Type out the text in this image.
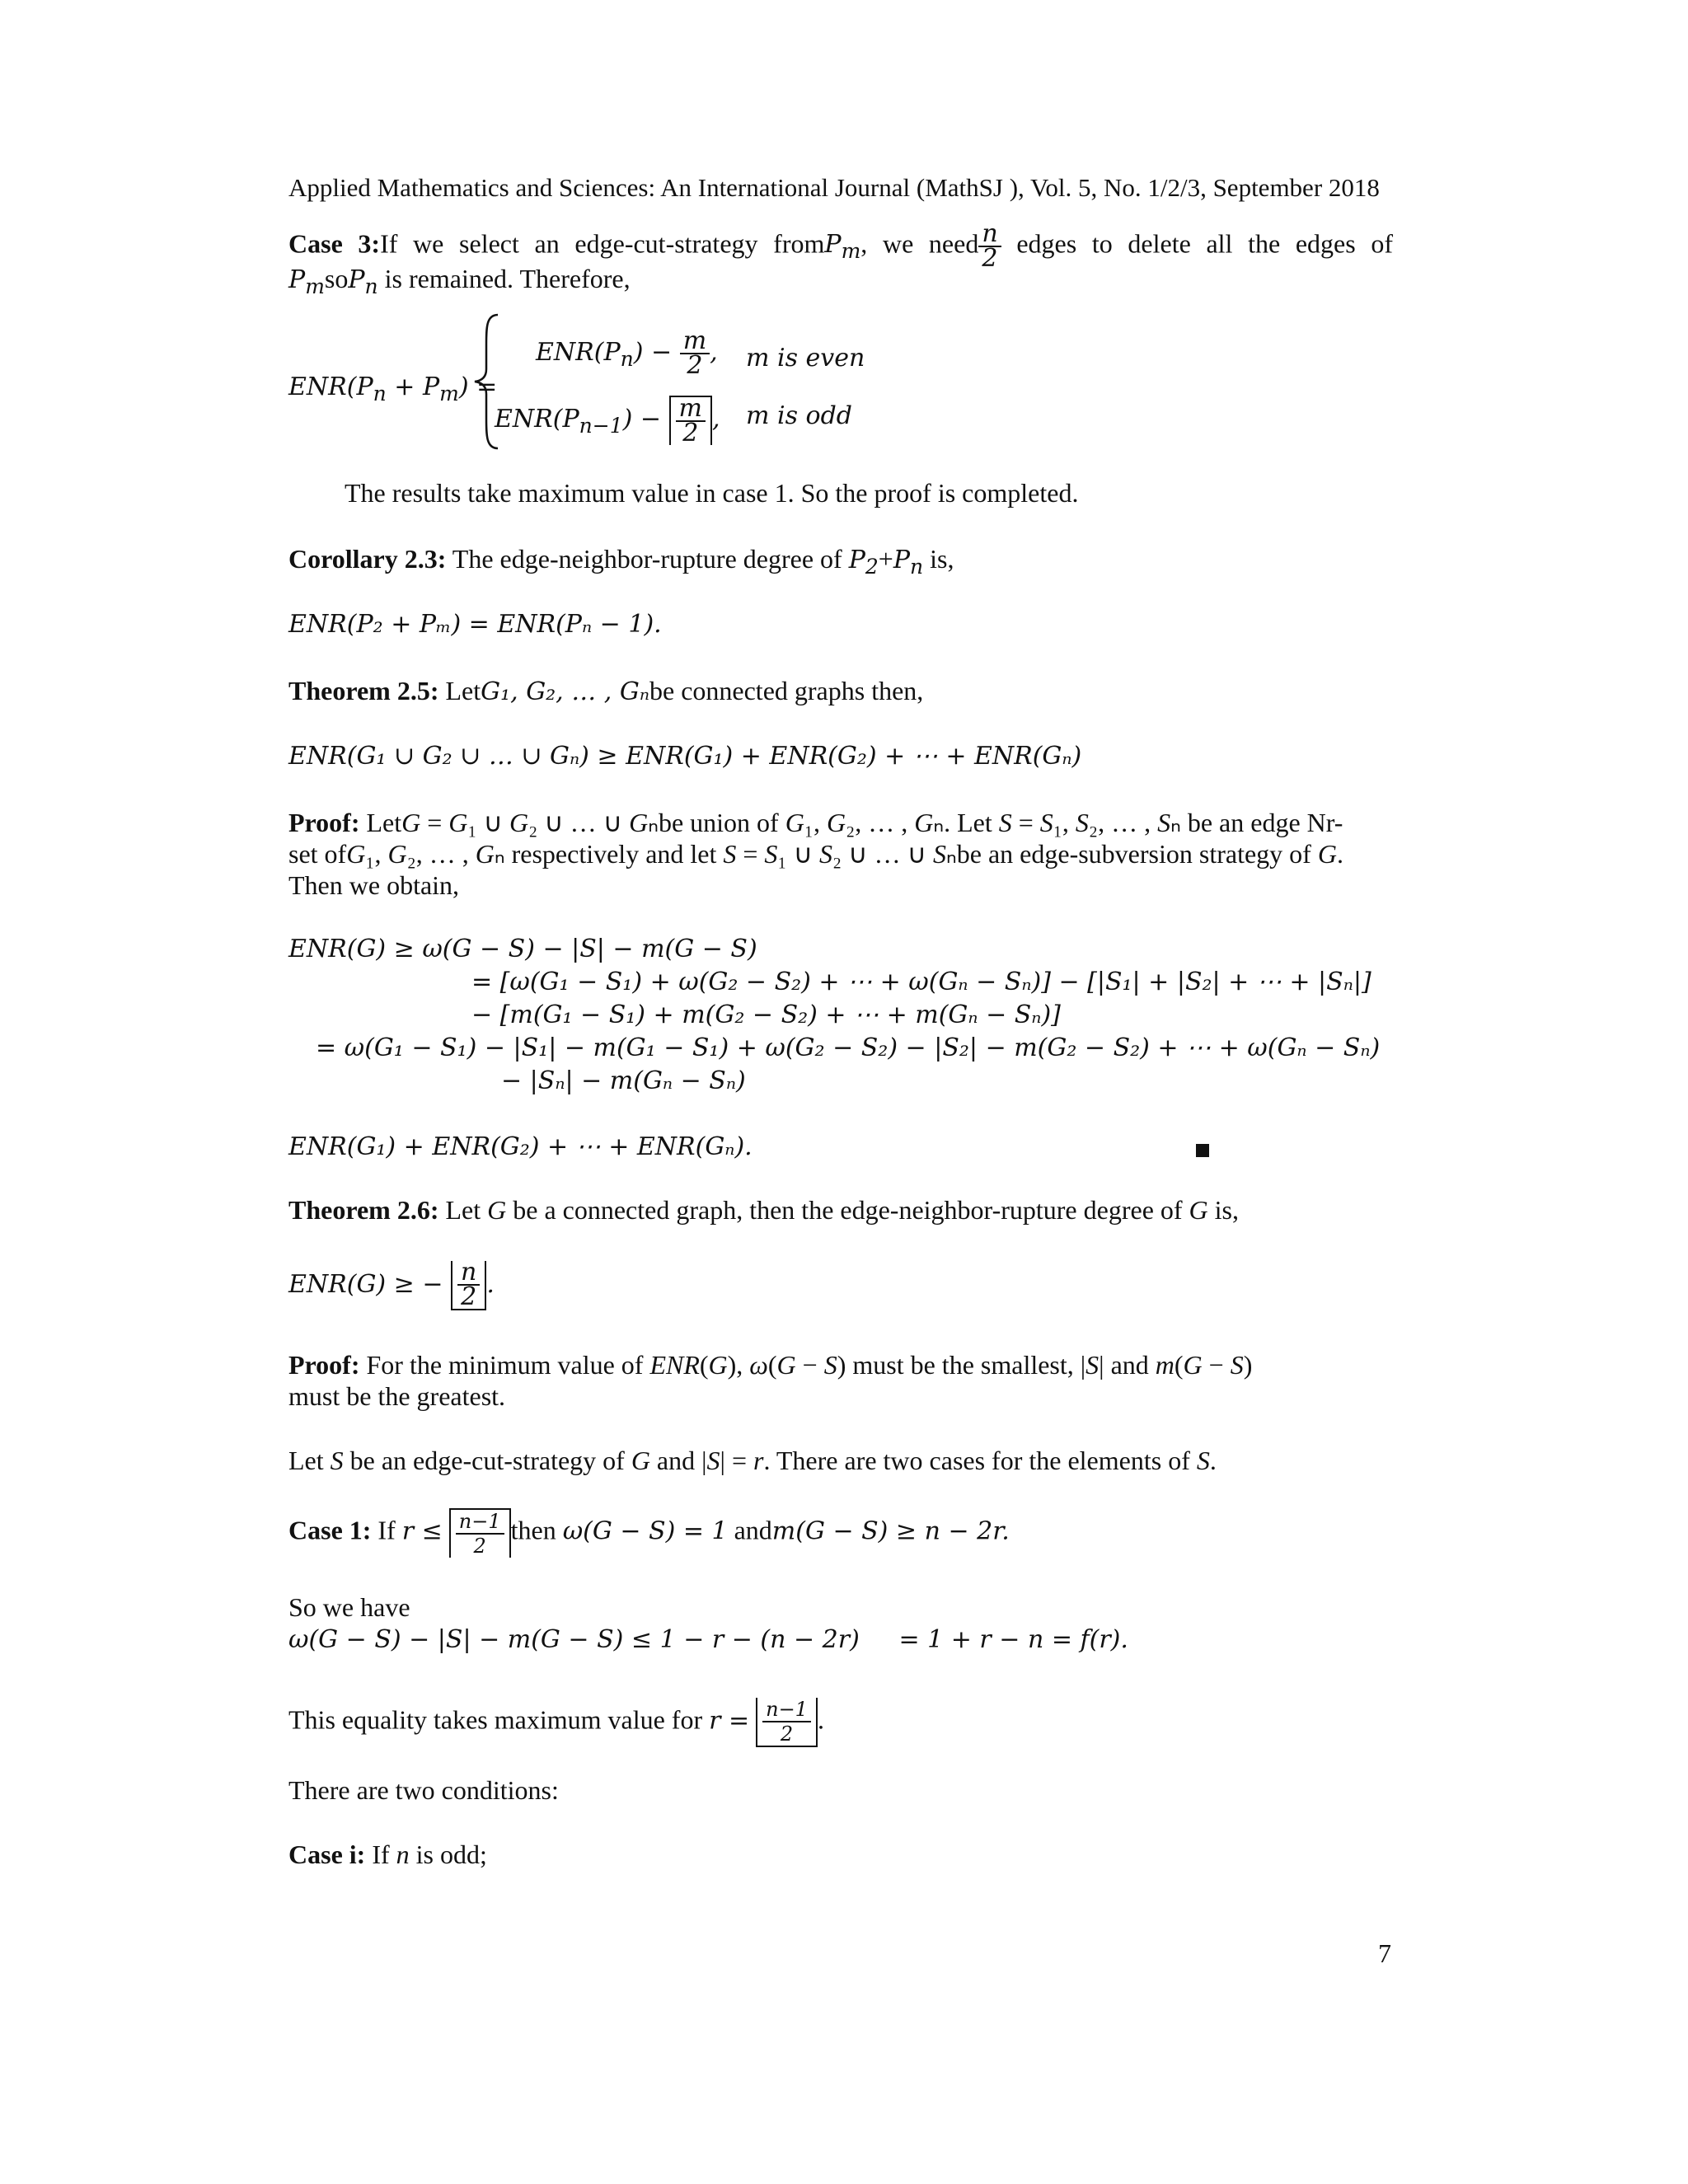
Applied Mathematics and Sciences: An International Journal (MathSJ ), Vol. 5, No. 1/2/3, September 2018
Case 3:If we select an edge-cut-strategy fromP$_m$, we need $\frac{n}{2}$ edges to delete all the edges of
$P_msoP_n$ is remained. Therefore,
$ENR(P_n + P_m)$ =
$ENR(P_n) - \frac{m}{2}$ , m is even
$ENR(P_{n-1}) - \frac{m}{2}$ , m is odd
The results take maximum value in case 1. So the proof is completed.
Corollary 2.3: The edge-neighbor-rupture degree of $P_2+P_n$ is,
ENR(P₂ + Pₘ) = ENR(Pₙ − 1).
Theorem 2.5: LetG₁, G₂, … , Gₙbe connected graphs then,
ENR(G₁ ∪ G₂ ∪ … ∪ Gₙ) ≥ ENR(G₁) + ENR(G₂) + ⋯ + ENR(Gₙ)
Proof: LetG = G₁ ∪ G₂ ∪ … ∪ Gₙbe union of G₁, G₂, … , Gₙ. Let S = S₁, S₂, … , Sₙ be an edge Nr-
set ofG₁, G₂, … , Gₙ respectively and let S = S₁ ∪ S₂ ∪ … ∪ Sₙbe an edge-subversion strategy of G.
Then we obtain,
ENR(G) ≥ ω(G − S) − |S| − m(G − S)
= [ω(G₁ − S₁) + ω(G₂ − S₂) + ⋯ + ω(Gₙ − Sₙ)] − [|S₁| + |S₂| + ⋯ + |Sₙ|]
− [m(G₁ − S₁) + m(G₂ − S₂) + ⋯ + m(Gₙ − Sₙ)]
= ω(G₁ − S₁) − |S₁| − m(G₁ − S₁) + ω(G₂ − S₂) − |S₂| − m(G₂ − S₂) + ⋯ + ω(Gₙ − Sₙ)
− |Sₙ| − m(Gₙ − Sₙ)
ENR(G₁) + ENR(G₂) + ⋯ + ENR(Gₙ).
Theorem 2.6: Let G be a connected graph, then the edge-neighbor-rupture degree of G is,
ENR(G) ≥ − $\frac{n}{2}$ .
Proof: For the minimum value of ENR(G), ω(G − S) must be the smallest, |S| and m(G − S)
must be the greatest.
Let S be an edge-cut-strategy of G and |S| = r. There are two cases for the elements of S.
Case 1: If $r \le \frac{n-1}{2}$ then ω(G − S) = 1 andm(G − S) ≥ n − 2r.
So we have
ω(G − S) − |S| − m(G − S) ≤ 1 − r − (n − 2r)     = 1 + r − n = f(r).
This equality takes maximum value for $r = \frac{n-1}{2}$ .
There are two conditions:
Case i: If n is odd;
7
